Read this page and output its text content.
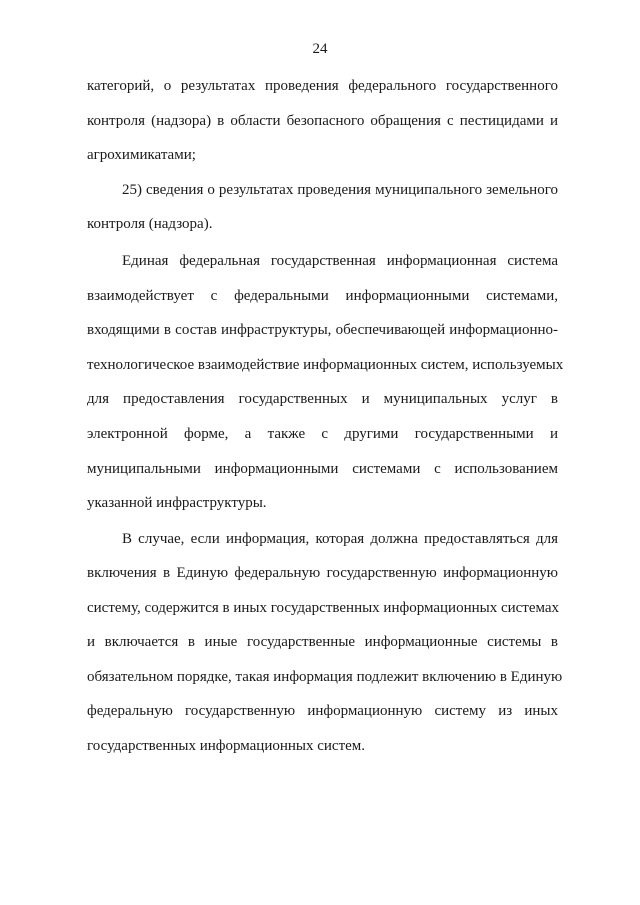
24
категорий, о результатах проведения федерального государственного
контроля (надзора) в области безопасного обращения с пестицидами и
агрохимикатами;
25) сведения о результатах проведения муниципального земельного
контроля (надзора).
Единая федеральная государственная информационная система
взаимодействует с федеральными информационными системами,
входящими в состав инфраструктуры, обеспечивающей информационно-
технологическое взаимодействие информационных систем, используемых
для предоставления государственных и муниципальных услуг в
электронной форме, а также с другими государственными и
муниципальными информационными системами с использованием
указанной инфраструктуры.
В случае, если информация, которая должна предоставляться для
включения в Единую федеральную государственную информационную
систему, содержится в иных государственных информационных системах
и включается в иные государственные информационные системы в
обязательном порядке, такая информация подлежит включению в Единую
федеральную государственную информационную систему из иных
государственных информационных систем.
